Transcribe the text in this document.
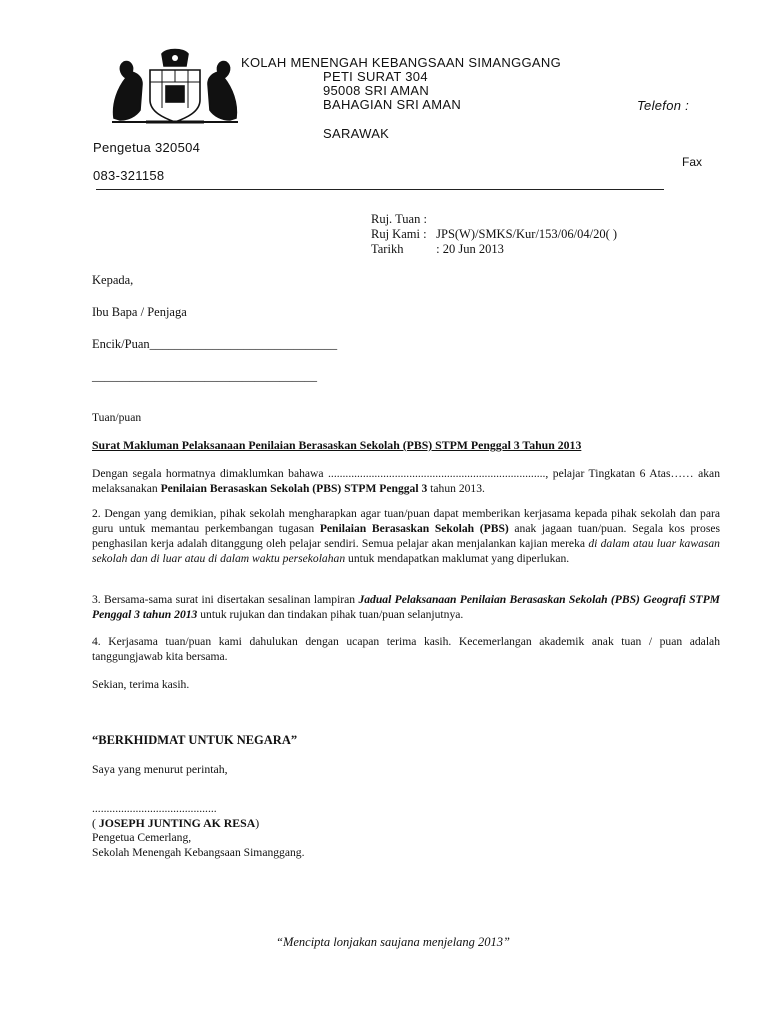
KOLAH MENENGAH KEBANGSAAN SIMANGGANG
PETI SURAT 304
95008 SRI AMAN
BAHAGIAN SRI AMAN	Telefon :
SARAWAK
Pengetua 320504
Fax
083-321158
Ruj. Tuan :
Ruj Kami : JPS(W)/SMKS/Kur/153/06/04/20( )
Tarikh	: 20 Jun 2013
Kepada,
Ibu Bapa / Penjaga
Encik/Puan______________________________
____________________________________
Tuan/puan
Surat Makluman Pelaksanaan Penilaian Berasaskan Sekolah (PBS) STPM Penggal 3 Tahun 2013
Dengan segala hormatnya dimaklumkan bahawa ..........................................................................., pelajar Tingkatan 6 Atas…… akan melaksanakan Penilaian Berasaskan Sekolah (PBS) STPM Penggal 3 tahun 2013.
2. Dengan yang demikian, pihak sekolah mengharapkan agar tuan/puan dapat memberikan kerjasama kepada pihak sekolah dan para guru untuk memantau perkembangan tugasan Penilaian Berasaskan Sekolah (PBS) anak jagaan tuan/puan. Segala kos proses penghasilan kerja adalah ditanggung oleh pelajar sendiri. Semua pelajar akan menjalankan kajian mereka di dalam atau luar kawasan sekolah dan di luar atau di dalam waktu persekolahan untuk mendapatkan maklumat yang diperlukan.
3. Bersama-sama surat ini disertakan sesalinan lampiran Jadual Pelaksanaan Penilaian Berasaskan Sekolah (PBS) Geografi STPM Penggal 3 tahun 2013 untuk rujukan dan tindakan pihak tuan/puan selanjutnya.
4. Kerjasama tuan/puan kami dahulukan dengan ucapan terima kasih. Kecemerlangan akademik anak tuan / puan adalah tanggungjawab kita bersama.
Sekian, terima kasih.
“BERKHIDMAT UNTUK NEGARA”
Saya yang menurut perintah,
...........................................
( JOSEPH JUNTING AK RESA)
Pengetua Cemerlang,
Sekolah Menengah Kebangsaan Simanggang.
“Mencipta lonjakan saujana menjelang 2013”
